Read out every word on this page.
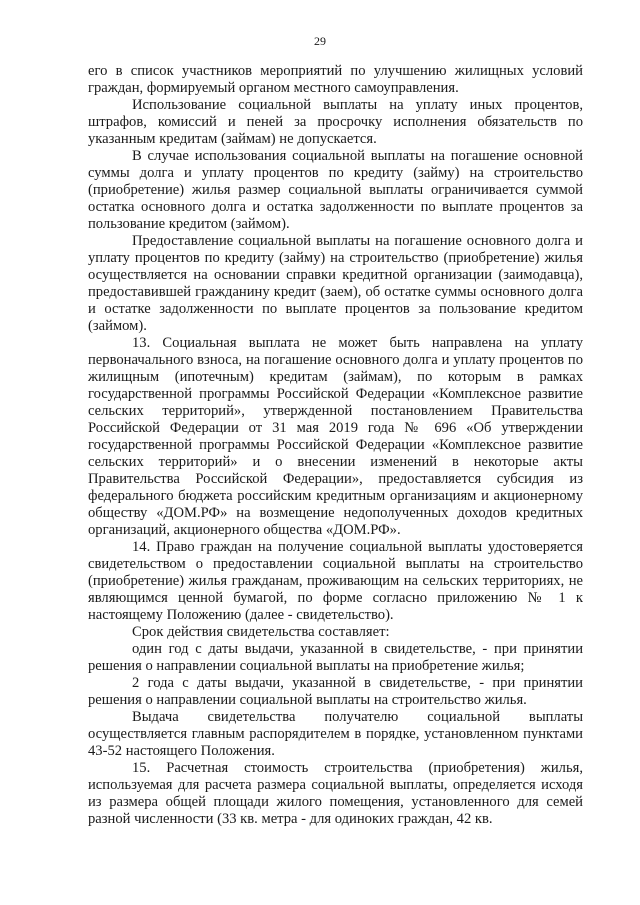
29

его в список участников мероприятий по улучшению жилищных условий граждан, формируемый органом местного самоуправления.

Использование социальной выплаты на уплату иных процентов, штрафов, комиссий и пеней за просрочку исполнения обязательств по указанным кредитам (займам) не допускается.

В случае использования социальной выплаты на погашение основной суммы долга и уплату процентов по кредиту (займу) на строительство (приобретение) жилья размер социальной выплаты ограничивается суммой остатка основного долга и остатка задолженности по выплате процентов за пользование кредитом (займом).

Предоставление социальной выплаты на погашение основного долга и уплату процентов по кредиту (займу) на строительство (приобретение) жилья осуществляется на основании справки кредитной организации (заимодавца), предоставившей гражданину кредит (заем), об остатке суммы основного долга и остатке задолженности по выплате процентов за пользование кредитом (займом).

13. Социальная выплата не может быть направлена на уплату первоначального взноса, на погашение основного долга и уплату процентов по жилищным (ипотечным) кредитам (займам), по которым в рамках государственной программы Российской Федерации «Комплексное развитие сельских территорий», утвержденной постановлением Правительства Российской Федерации от 31 мая 2019 года № 696 «Об утверждении государственной программы Российской Федерации «Комплексное развитие сельских территорий» и о внесении изменений в некоторые акты Правительства Российской Федерации», предоставляется субсидия из федерального бюджета российским кредитным организациям и акционерному обществу «ДОМ.РФ» на возмещение недополученных доходов кредитных организаций, акционерного общества «ДОМ.РФ».

14. Право граждан на получение социальной выплаты удостоверяется свидетельством о предоставлении социальной выплаты на строительство (приобретение) жилья гражданам, проживающим на сельских территориях, не являющимся ценной бумагой, по форме согласно приложению № 1 к настоящему Положению (далее - свидетельство).

Срок действия свидетельства составляет:

один год с даты выдачи, указанной в свидетельстве, - при принятии решения о направлении социальной выплаты на приобретение жилья;

2 года с даты выдачи, указанной в свидетельстве, - при принятии решения о направлении социальной выплаты на строительство жилья.

Выдача свидетельства получателю социальной выплаты осуществляется главным распорядителем в порядке, установленном пунктами 43-52 настоящего Положения.

15. Расчетная стоимость строительства (приобретения) жилья, используемая для расчета размера социальной выплаты, определяется исходя из размера общей площади жилого помещения, установленного для семей разной численности (33 кв. метра - для одиноких граждан, 42 кв.
